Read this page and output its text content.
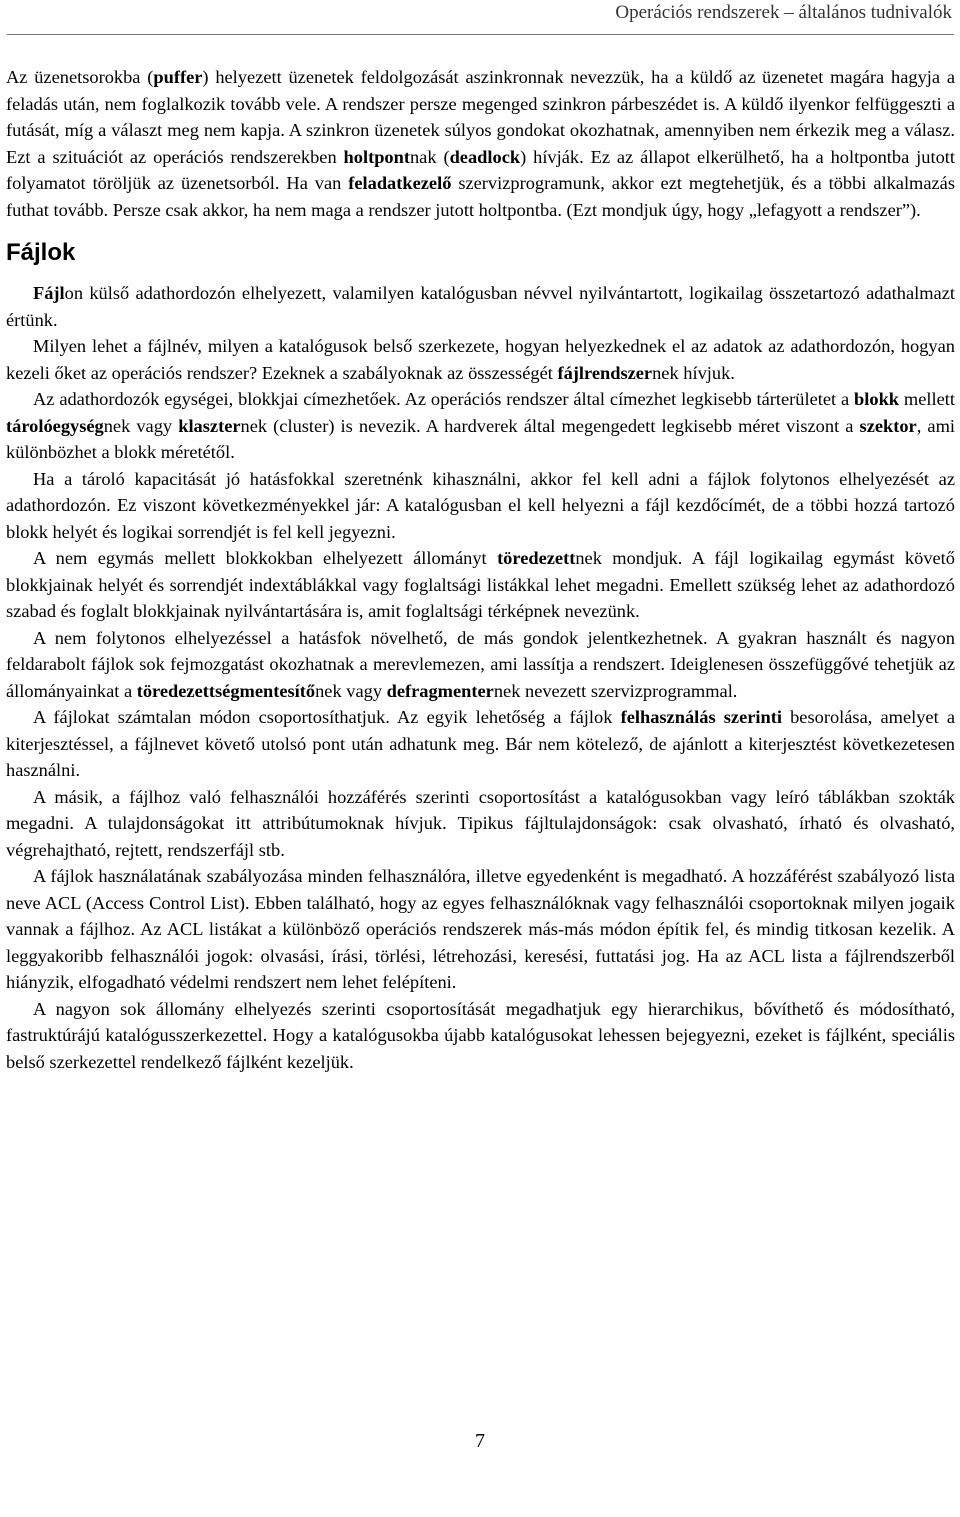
Operációs rendszerek – általános tudnivalók

Az üzenetsorokba (puffer) helyezett üzenetek feldolgozását aszinkronnak nevezzük, ha a küldő az üzenetet magára hagyja a feladás után, nem foglalkozik tovább vele. A rendszer persze megenged szinkron párbeszédet is. A küldő ilyenkor felfüggeszti a futását, míg a választ meg nem kapja. A szinkron üzenetek súlyos gondokat okozhatnak, amennyiben nem érkezik meg a válasz. Ezt a szituációt az operációs rendszerekben holtpontnak (deadlock) hívják. Ez az állapot elkerülhető, ha a holtpontba jutott folyamatot töröljük az üzenetsorból. Ha van feladatkezelő szervizprogramunk, akkor ezt megtehetjük, és a többi alkalmazás futhat tovább. Persze csak akkor, ha nem maga a rendszer jutott holtpontba. (Ezt mondjuk úgy, hogy „lefagyott a rendszer”).

Fájlok

Fájlon külső adathordozón elhelyezett, valamilyen katalógusban névvel nyilvántartott, logikailag összetartozó adathalmazt értünk.

Milyen lehet a fájlnév, milyen a katalógusok belső szerkezete, hogyan helyezkednek el az adatok az adathordozón, hogyan kezeli őket az operációs rendszer? Ezeknek a szabályoknak az összességét fájlrendszernek hívjuk.

Az adathordozók egységei, blokkjai címezhetőek. Az operációs rendszer által címezhet legkisebb tárterületet a blokk mellett tárolóegységnek vagy klaszternek (cluster) is nevezik. A hardverek által megengedett legkisebb méret viszont a szektor, ami különbözhet a blokk méretétől.

Ha a tároló kapacitását jó hatásfokkal szeretnénk kihasználni, akkor fel kell adni a fájlok folytonos elhelyezését az adathordozón. Ez viszont következményekkel jár: A katalógusban el kell helyezni a fájl kezdőcímét, de a többi hozzá tartozó blokk helyét és logikai sorrendjét is fel kell jegyezni.

A nem egymás mellett blokkokban elhelyezett állományt töredezettnek mondjuk. A fájl logikailag egymást követő blokkjainak helyét és sorrendjét indextáblákkal vagy foglaltsági listákkal lehet megadni. Emellett szükség lehet az adathordozó szabad és foglalt blokkjainak nyilvántartására is, amit foglaltsági térképnek nevezünk.

A nem folytonos elhelyezéssel a hatásfok növelhető, de más gondok jelentkezhetnek. A gyakran használt és nagyon feldarabolt fájlok sok fejmozgatást okozhatnak a merevlemezen, ami lassítja a rendszert. Ideiglenesen összefüggővé tehetjük az állományainkat a töredezettségmentesítőnek vagy defragmenternek nevezett szervizprogrammal.

A fájlokat számtalan módon csoportosíthatjuk. Az egyik lehetőség a fájlok felhasználás szerinti besorolása, amelyet a kiterjesztéssel, a fájlnevet követő utolsó pont után adhatunk meg. Bár nem kötelező, de ajánlott a kiterjesztést következetesen használni.

A másik, a fájlhoz való felhasználói hozzáférés szerinti csoportosítást a katalógusokban vagy leíró táblákban szokták megadni. A tulajdonságokat itt attribútumoknak hívjuk. Tipikus fájltulajdonságok: csak olvasható, írható és olvasható, végrehajtható, rejtett, rendszerfájl stb.

A fájlok használatának szabályozása minden felhasználóra, illetve egyedenként is megadható. A hozzáférést szabályozó lista neve ACL (Access Control List). Ebben található, hogy az egyes felhasználóknak vagy felhasználói csoportoknak milyen jogaik vannak a fájlhoz. Az ACL listákat a különböző operációs rendszerek más-más módon építik fel, és mindig titkosan kezelik. A leggyakoribb felhasználói jogok: olvasási, írási, törlési, létrehozási, keresési, futtatási jog. Ha az ACL lista a fájlrendszerből hiányzik, elfogadható védelmi rendszert nem lehet felépíteni.

A nagyon sok állomány elhelyezés szerinti csoportosítását megadhatjuk egy hierarchikus, bővíthető és módosítható, fastruktúrájú katalógusszerkezettel. Hogy a katalógusokba újabb katalógusokat lehessen bejegyezni, ezeket is fájlként, speciális belső szerkezettel rendelkező fájlként kezeljük.

7
